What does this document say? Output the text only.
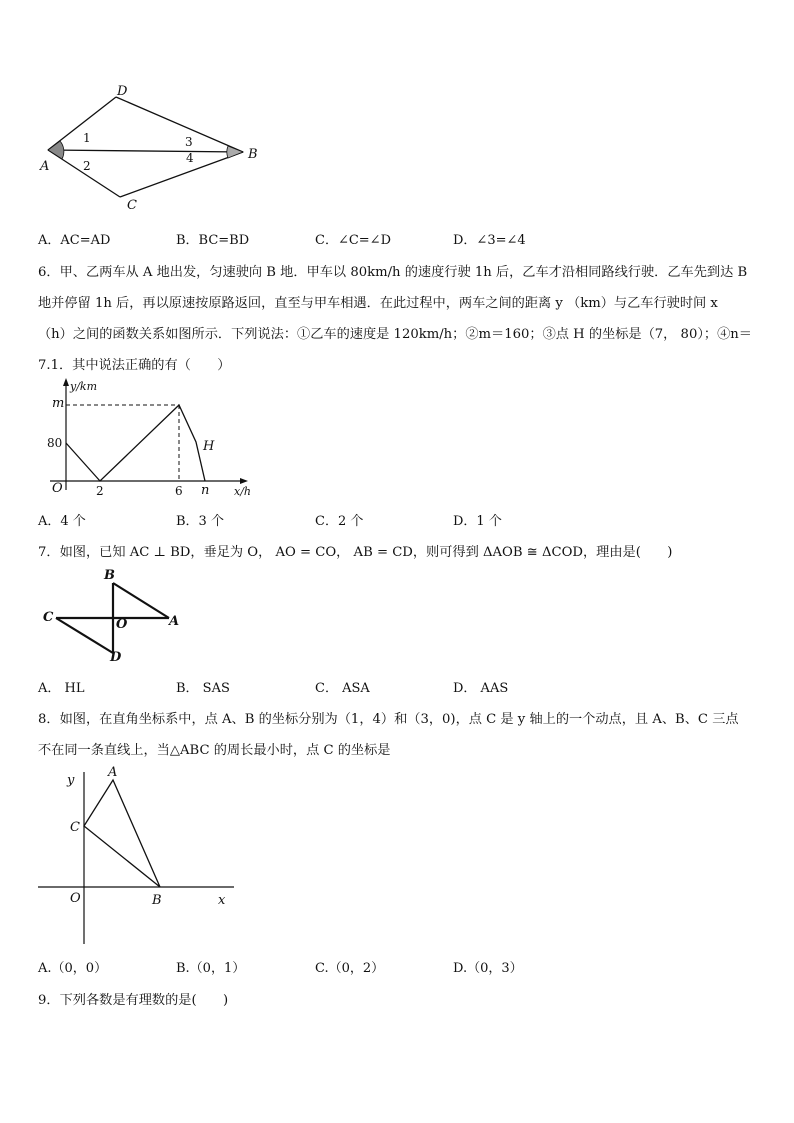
D
A
B
C
1
2
3
4
A．AC=AD	B．BC=BD	C．∠C=∠D	D．∠3=∠4
6．甲、乙两车从 A 地出发，匀速驶向 B 地．甲车以 80km/h 的速度行驶 1h 后，乙车才沿相同路线行驶．乙车先到达 B
地并停留 1h 后，再以原速按原路返回，直至与甲车相遇．在此过程中，两车之间的距离 y （km）与乙车行驶时间 x
（h）之间的函数关系如图所示．下列说法：①乙车的速度是 120km/h；②m＝160；③点 H 的坐标是（7， 80）；④n＝
7.1．其中说法正确的有（　　）
y/km
m
80
O	2	6 n
H
x/h
A．4 个	B．3 个	C．2 个	D．1 个
7．如图，已知 AC ⊥ BD，垂足为 O， AO = CO， AB = CD，则可得到 ΔAOB ≅ ΔCOD，理由是(　　)
B
C	O	A
D
A． HL	B． SAS	C． ASA	D． AAS
8．如图，在直角坐标系中，点 A、B 的坐标分别为（1，4）和（3，0)，点 C 是 y 轴上的一个动点，且 A、B、C 三点
不在同一条直线上，当△ABC 的周长最小时，点 C 的坐标是
y
A
C
O	B	x
A.（0，0）	B.（0，1）	C.（0，2）	D.（0，3）
9．下列各数是有理数的是(　　)
